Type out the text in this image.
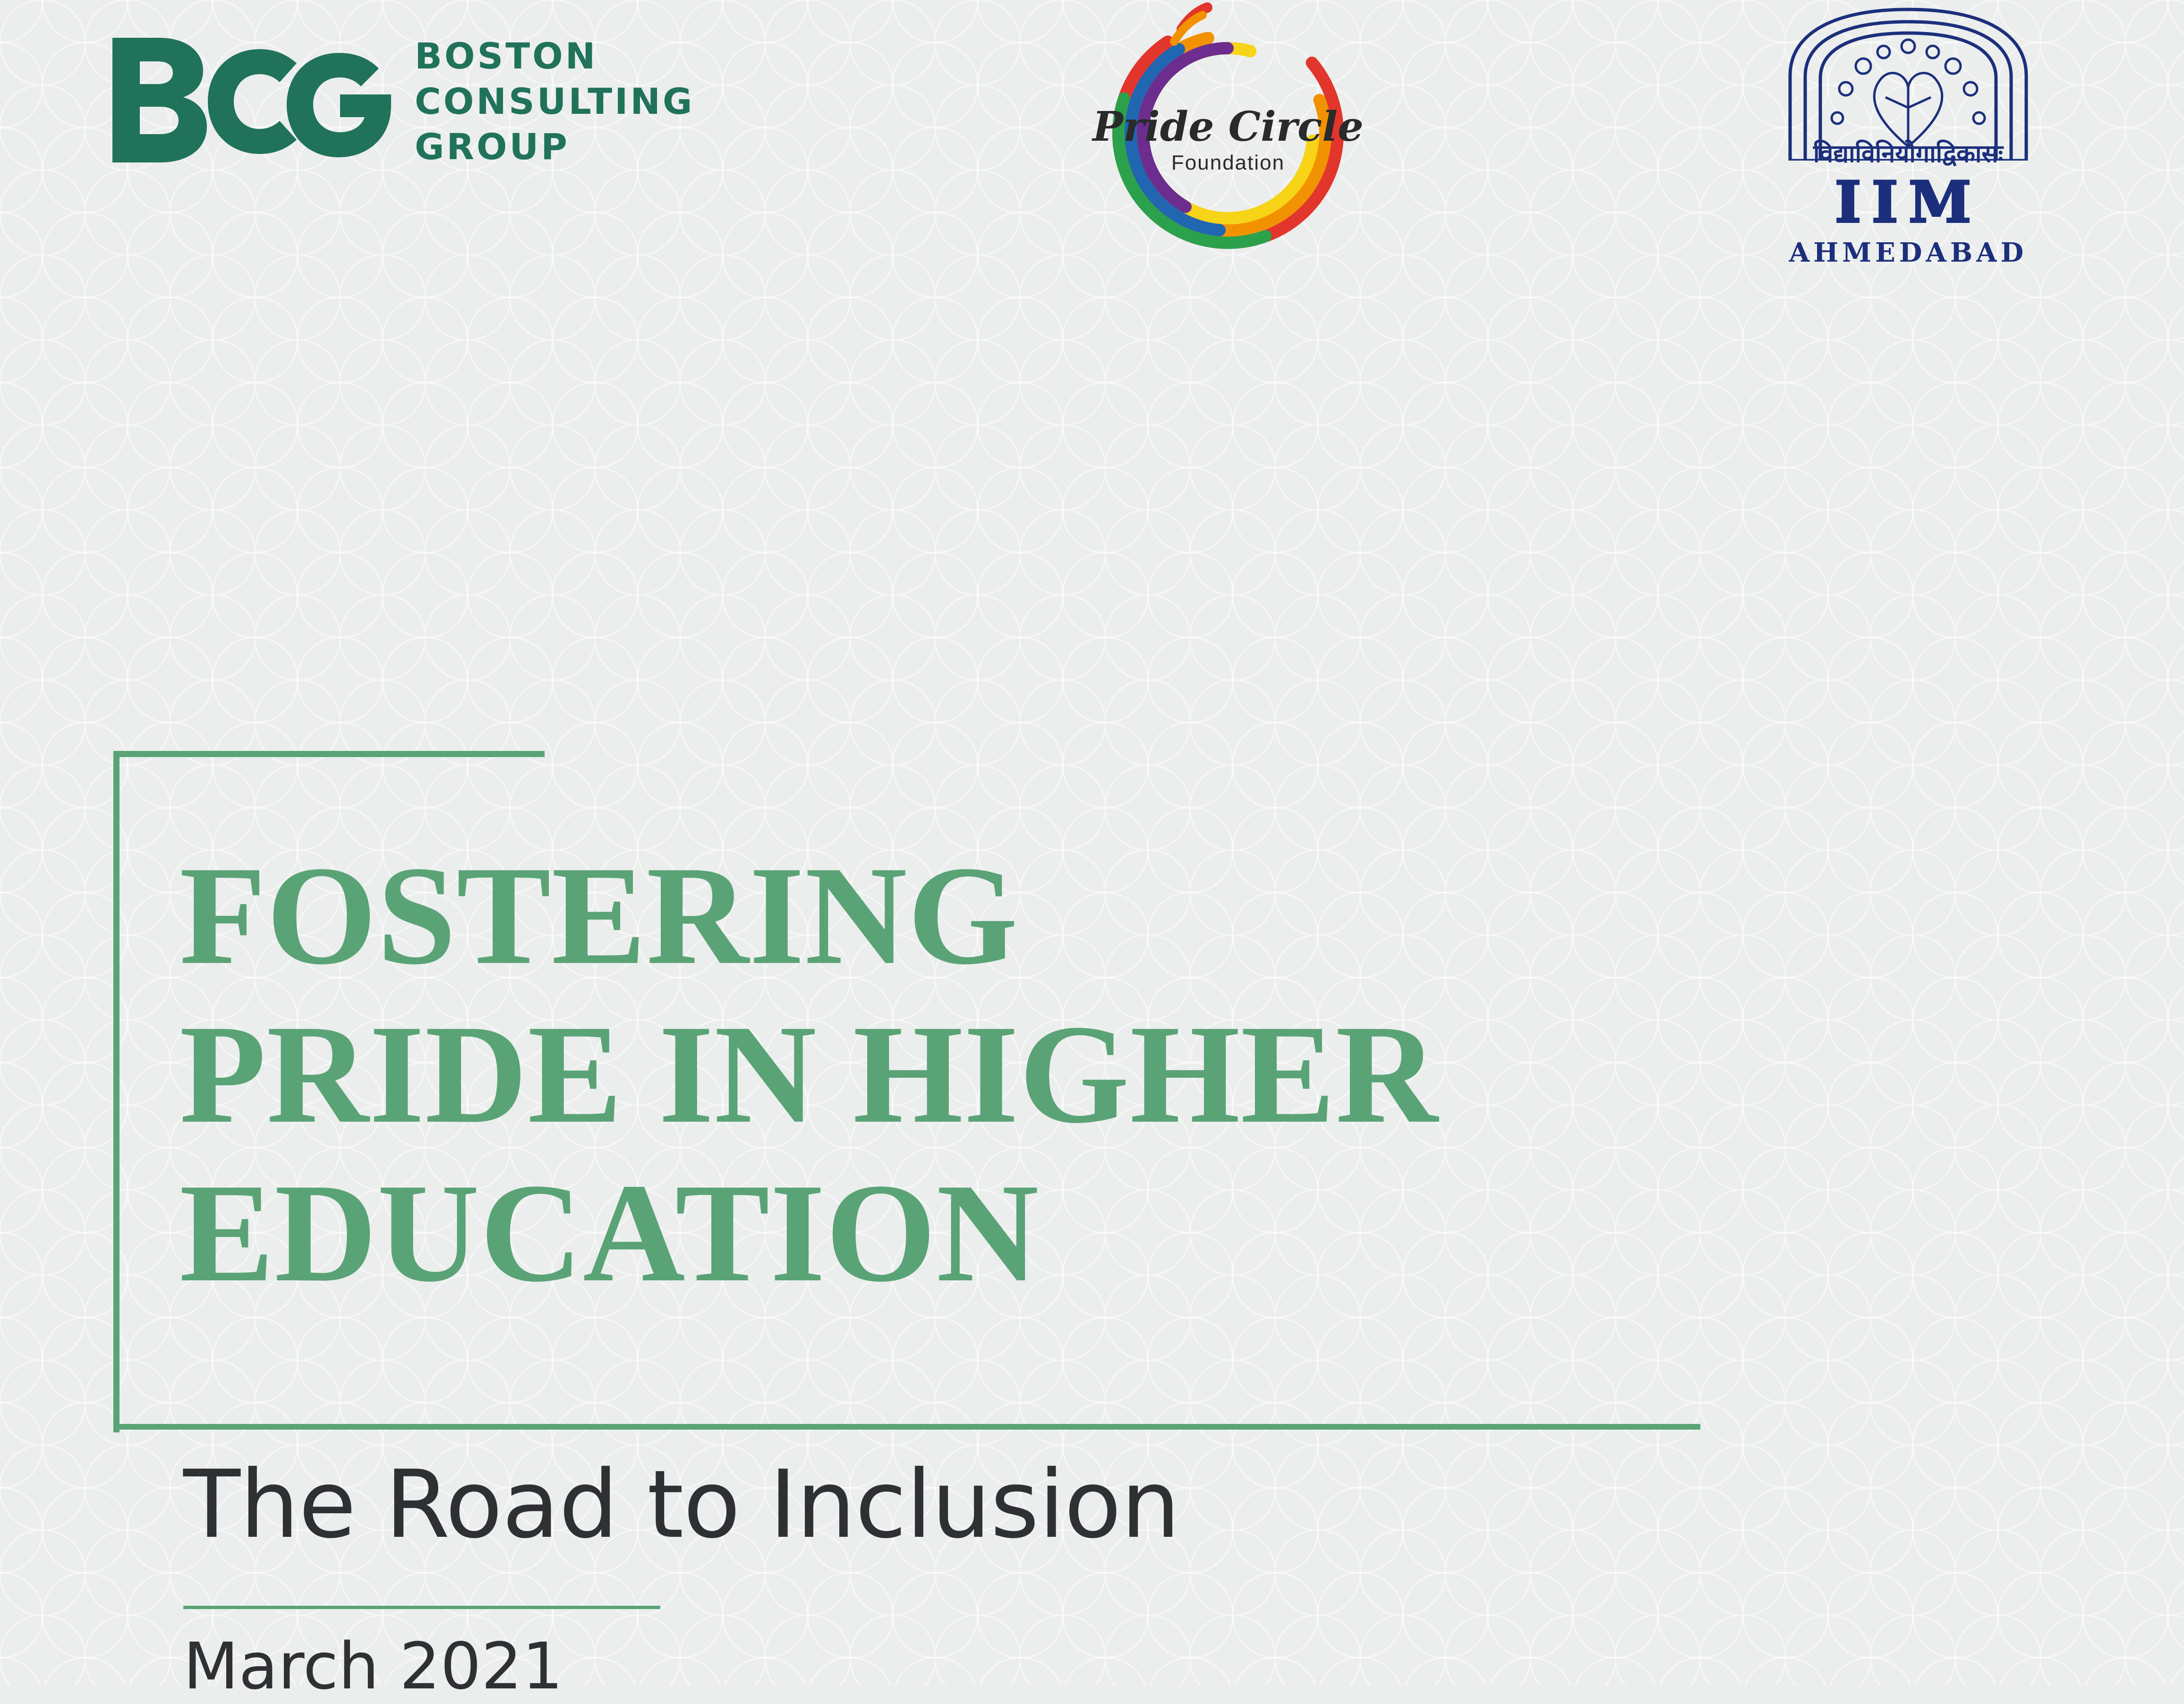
BOSTON
CONSULTING
GROUP	Pride Circle
Foundation	विद्याविनियोगाद्विकासः
IIM
AHMEDABAD
FOSTERING
PRIDE IN HIGHER
EDUCATION
The Road to Inclusion
March 2021
